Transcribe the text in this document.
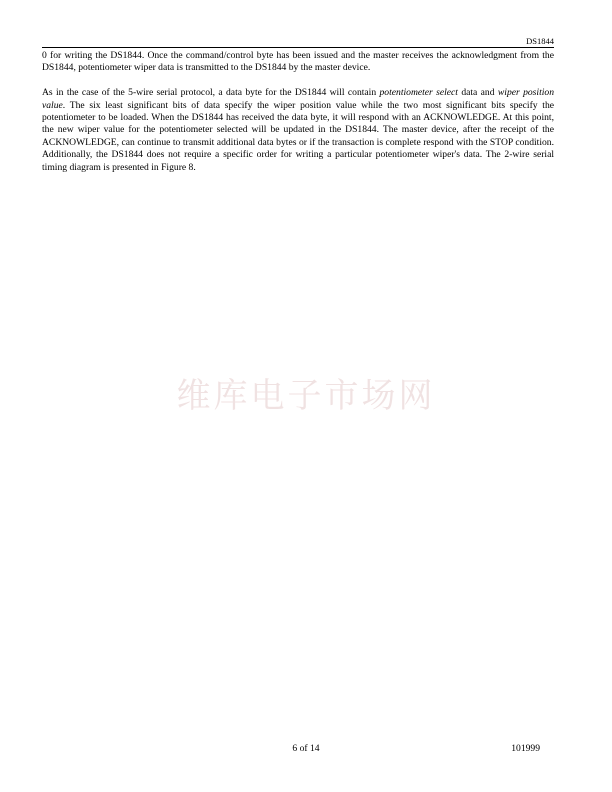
DS1844

0 for writing the DS1844. Once the command/control byte has been issued and the master receives the acknowledgment from the DS1844, potentiometer wiper data is transmitted to the DS1844 by the master device.

As in the case of the 5-wire serial protocol, a data byte for the DS1844 will contain potentiometer select data and wiper position value. The six least significant bits of data specify the wiper position value while the two most significant bits specify the potentiometer to be loaded. When the DS1844 has received the data byte, it will respond with an ACKNOWLEDGE. At this point, the new wiper value for the potentiometer selected will be updated in the DS1844. The master device, after the receipt of the ACKNOWLEDGE, can continue to transmit additional data bytes or if the transaction is complete respond with the STOP condition. Additionally, the DS1844 does not require a specific order for writing a particular potentiometer wiper's data. The 2-wire serial timing diagram is presented in Figure 8.

维库电子市场网
6 of 14	101999
